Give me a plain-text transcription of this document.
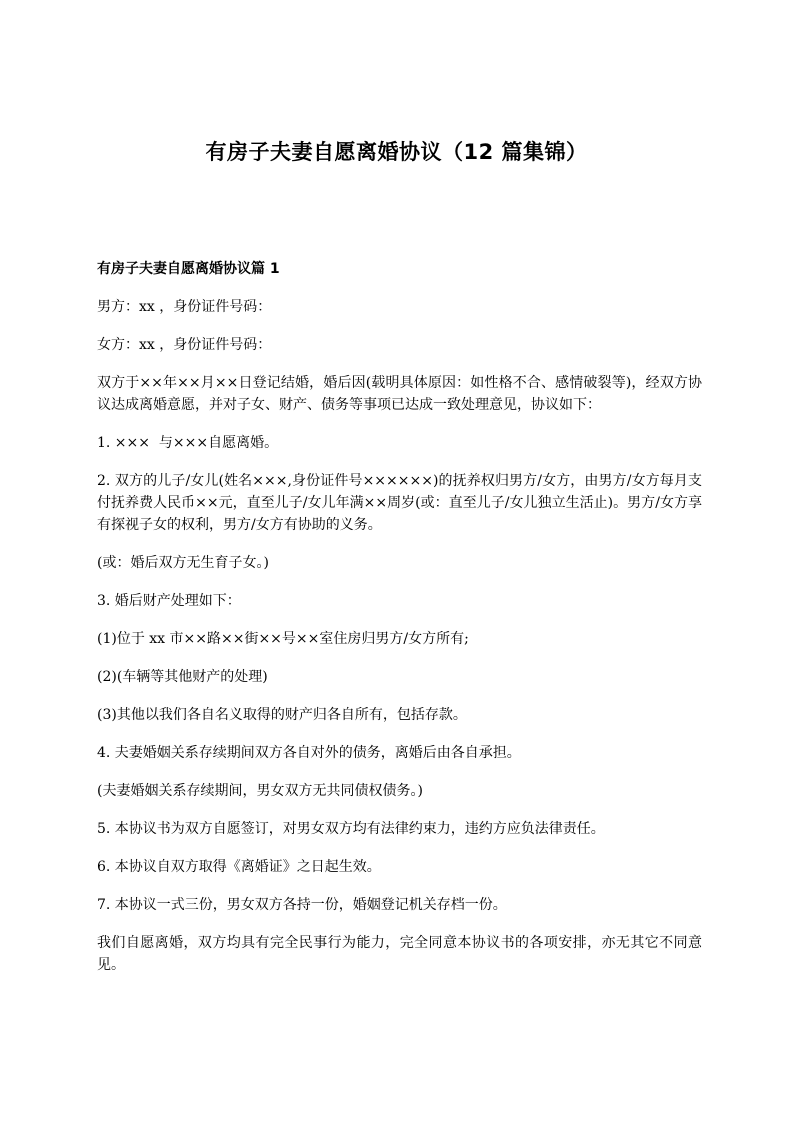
有房子夫妻自愿离婚协议（12 篇集锦）
有房子夫妻自愿离婚协议篇 1

男方：xx ，身份证件号码：

女方：xx ，身份证件号码：

双方于××年××月××日登记结婚，婚后因(载明具体原因：如性格不合、感情破裂等)，经双方协议达成离婚意愿，并对子女、财产、债务等事项已达成一致处理意见，协议如下：

1. ×××  与×××自愿离婚。

2. 双方的儿子/女儿(姓名×××,身份证件号××××××)的抚养权归男方/女方，由男方/女方每月支付抚养费人民币××元，直至儿子/女儿年满××周岁(或：直至儿子/女儿独立生活止)。男方/女方享有探视子女的权利，男方/女方有协助的义务。

(或：婚后双方无生育子女。)

3. 婚后财产处理如下：

(1)位于 xx 市××路××街××号××室住房归男方/女方所有;

(2)(车辆等其他财产的处理)

(3)其他以我们各自名义取得的财产归各自所有，包括存款。

4. 夫妻婚姻关系存续期间双方各自对外的债务，离婚后由各自承担。

(夫妻婚姻关系存续期间，男女双方无共同债权债务。)

5. 本协议书为双方自愿签订，对男女双方均有法律约束力，违约方应负法律责任。

6. 本协议自双方取得《离婚证》之日起生效。

7. 本协议一式三份，男女双方各持一份，婚姻登记机关存档一份。

我们自愿离婚，双方均具有完全民事行为能力，完全同意本协议书的各项安排，亦无其它不同意见。
